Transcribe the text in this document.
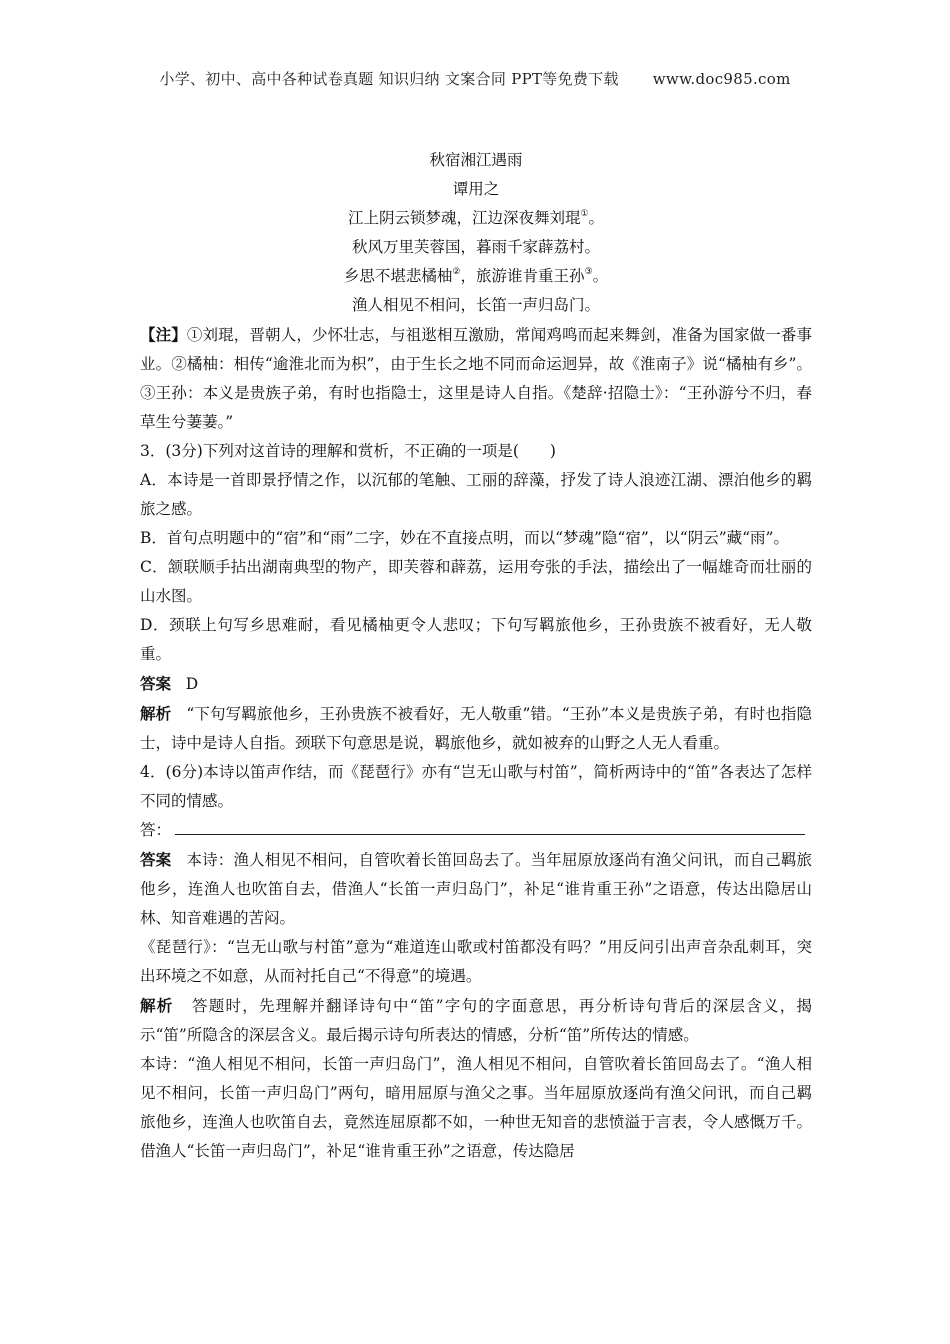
小学、初中、高中各种试卷真题 知识归纳 文案合同 PPT等免费下载 www.doc985.com

秋宿湘江遇雨

谭用之

江上阴云锁梦魂，江边深夜舞刘琨①。

秋风万里芙蓉国，暮雨千家薜荔村。

乡思不堪悲橘柚②，旅游谁肯重王孙③。

渔人相见不相问，长笛一声归岛门。

【注】①刘琨，晋朝人，少怀壮志，与祖逖相互激励，常闻鸡鸣而起来舞剑，准备为国家做一番事业。②橘柚：相传“逾淮北而为枳”，由于生长之地不同而命运迥异，故《淮南子》说“橘柚有乡”。③王孙：本义是贵族子弟，有时也指隐士，这里是诗人自指。《楚辞·招隐士》：“王孙游兮不归，春草生兮萋萋。”

3．(3分)下列对这首诗的理解和赏析，不正确的一项是(　　)

A．本诗是一首即景抒情之作，以沉郁的笔触、工丽的辞藻，抒发了诗人浪迹江湖、漂泊他乡的羁旅之感。

B．首句点明题中的“宿”和“雨”二字，妙在不直接点明，而以“梦魂”隐“宿”，以“阴云”藏“雨”。

C．颔联顺手拈出湖南典型的物产，即芙蓉和薜荔，运用夸张的手法，描绘出了一幅雄奇而壮丽的山水图。

D．颈联上句写乡思难耐，看见橘柚更令人悲叹；下句写羁旅他乡，王孙贵族不被看好，无人敬重。

答案 D

解析 “下句写羁旅他乡，王孙贵族不被看好，无人敬重”错。“王孙”本义是贵族子弟，有时也指隐士，诗中是诗人自指。颈联下句意思是说，羁旅他乡，就如被弃的山野之人无人看重。

4．(6分)本诗以笛声作结，而《琵琶行》亦有“岂无山歌与村笛”，简析两诗中的“笛”各表达了怎样不同的情感。

答：

答案 本诗：渔人相见不相问，自管吹着长笛回岛去了。当年屈原放逐尚有渔父问讯，而自己羁旅他乡，连渔人也吹笛自去，借渔人“长笛一声归岛门”，补足“谁肯重王孙”之语意，传达出隐居山林、知音难遇的苦闷。

《琵琶行》：“岂无山歌与村笛”意为“难道连山歌或村笛都没有吗？”用反问引出声音杂乱刺耳，突出环境之不如意，从而衬托自己“不得意”的境遇。

解析 答题时，先理解并翻译诗句中“笛”字句的字面意思，再分析诗句背后的深层含义，揭示“笛”所隐含的深层含义。最后揭示诗句所表达的情感，分析“笛”所传达的情感。

本诗：“渔人相见不相问，长笛一声归岛门”，渔人相见不相问，自管吹着长笛回岛去了。“渔人相见不相问，长笛一声归岛门”两句，暗用屈原与渔父之事。当年屈原放逐尚有渔父问讯，而自己羁旅他乡，连渔人也吹笛自去，竟然连屈原都不如，一种世无知音的悲愤溢于言表，令人感慨万千。借渔人“长笛一声归岛门”，补足“谁肯重王孙”之语意，传达隐居
